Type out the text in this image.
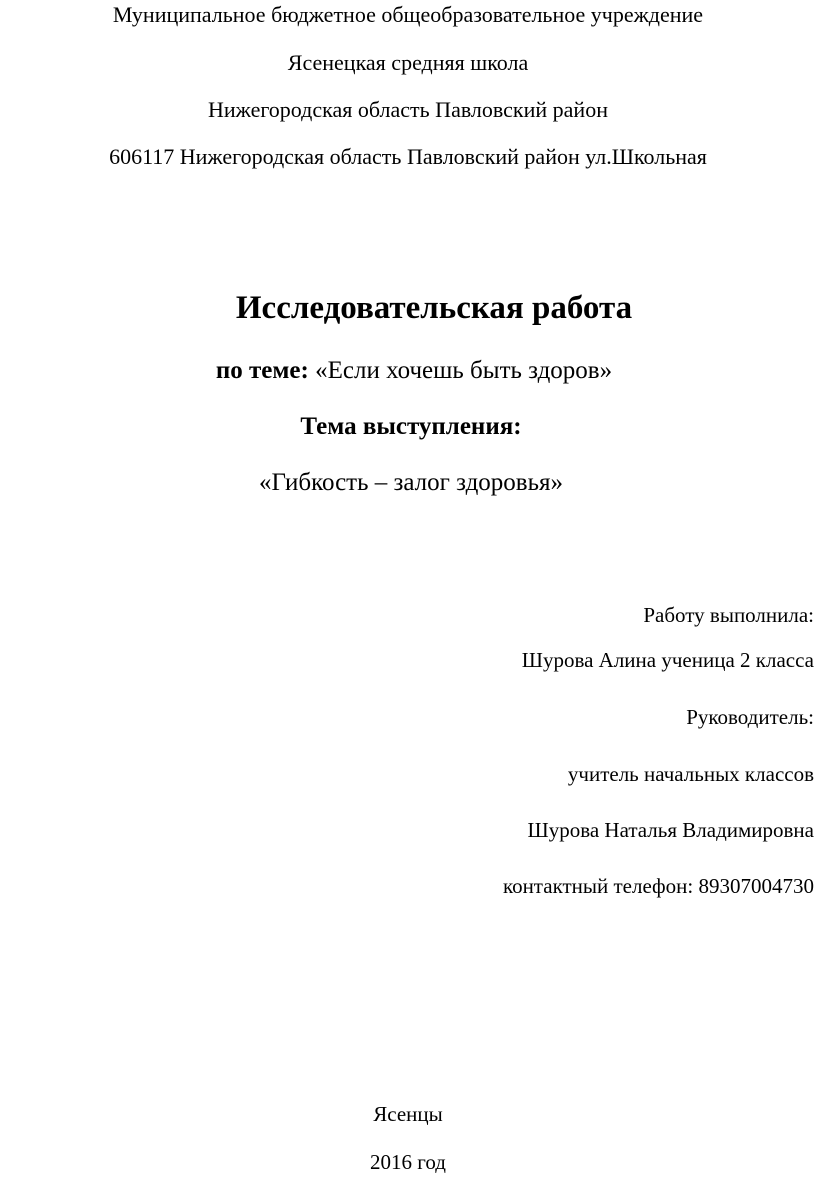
Муниципальное бюджетное общеобразовательное учреждение
Ясенецкая средняя школа
Нижегородская область Павловский район
606117 Нижегородская область Павловский район ул.Школьная
Исследовательская работа
по теме: «Если хочешь быть здоров»
Тема выступления:
«Гибкость – залог здоровья»
Работу выполнила:
Шурова Алина ученица 2 класса
Руководитель:
учитель начальных классов
Шурова Наталья Владимировна
контактный телефон: 89307004730
Ясенцы
2016 год
